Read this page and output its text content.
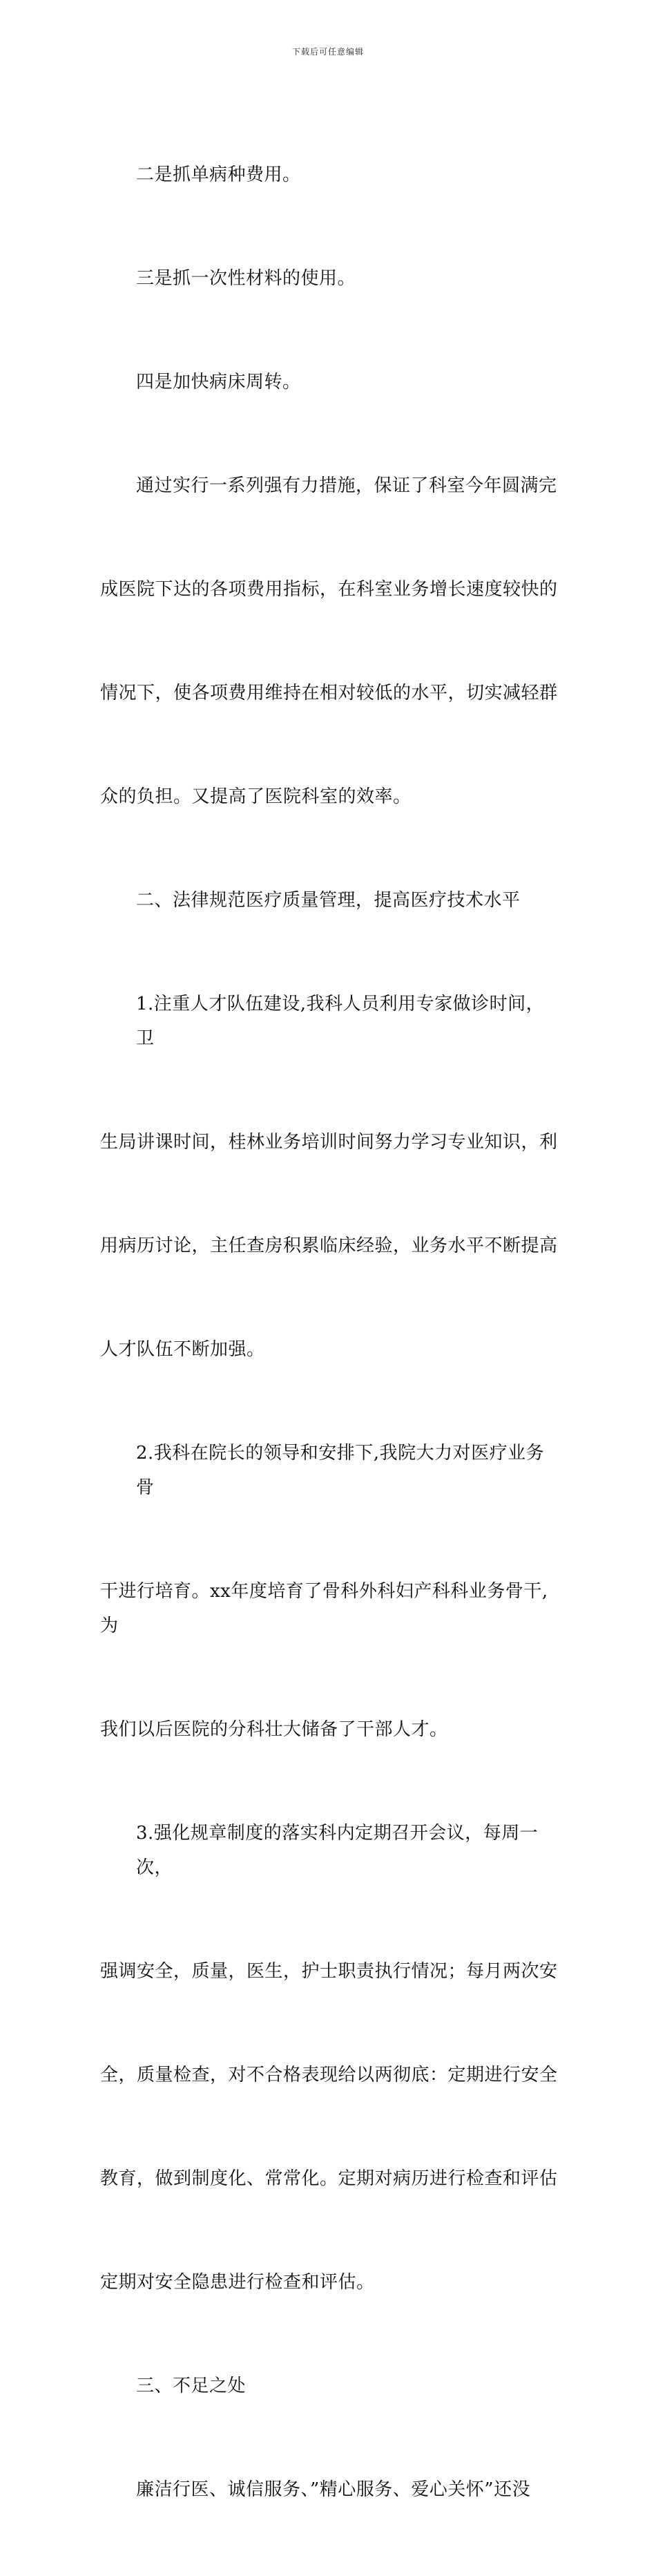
下载后可任意编辑

二是抓单病种费用。

三是抓一次性材料的使用。

四是加快病床周转。

通过实行一系列强有力措施，保证了科室今年圆满完

成医院下达的各项费用指标，在科室业务增长速度较快的

情况下，使各项费用维持在相对较低的水平，切实减轻群

众的负担。又提高了医院科室的效率。

二、法律规范医疗质量管理，提高医疗技术水平

1.注重人才队伍建设,我科人员利用专家做诊时间，卫

生局讲课时间，桂林业务培训时间努力学习专业知识，利

用病历讨论，主任查房积累临床经验，业务水平不断提高

人才队伍不断加强。

2.我科在院长的领导和安排下,我院大力对医疗业务骨

干进行培育。xx年度培育了骨科外科妇产科科业务骨干,为

我们以后医院的分科壮大储备了干部人才。

3.强化规章制度的落实科内定期召开会议，每周一次，

强调安全，质量，医生，护士职责执行情况；每月两次安

全，质量检查，对不合格表现给以两彻底：定期进行安全

教育，做到制度化、常常化。定期对病历进行检查和评估

定期对安全隐患进行检查和评估。

三、不足之处

廉洁行医、诚信服务、”精心服务、爱心关怀”还没
